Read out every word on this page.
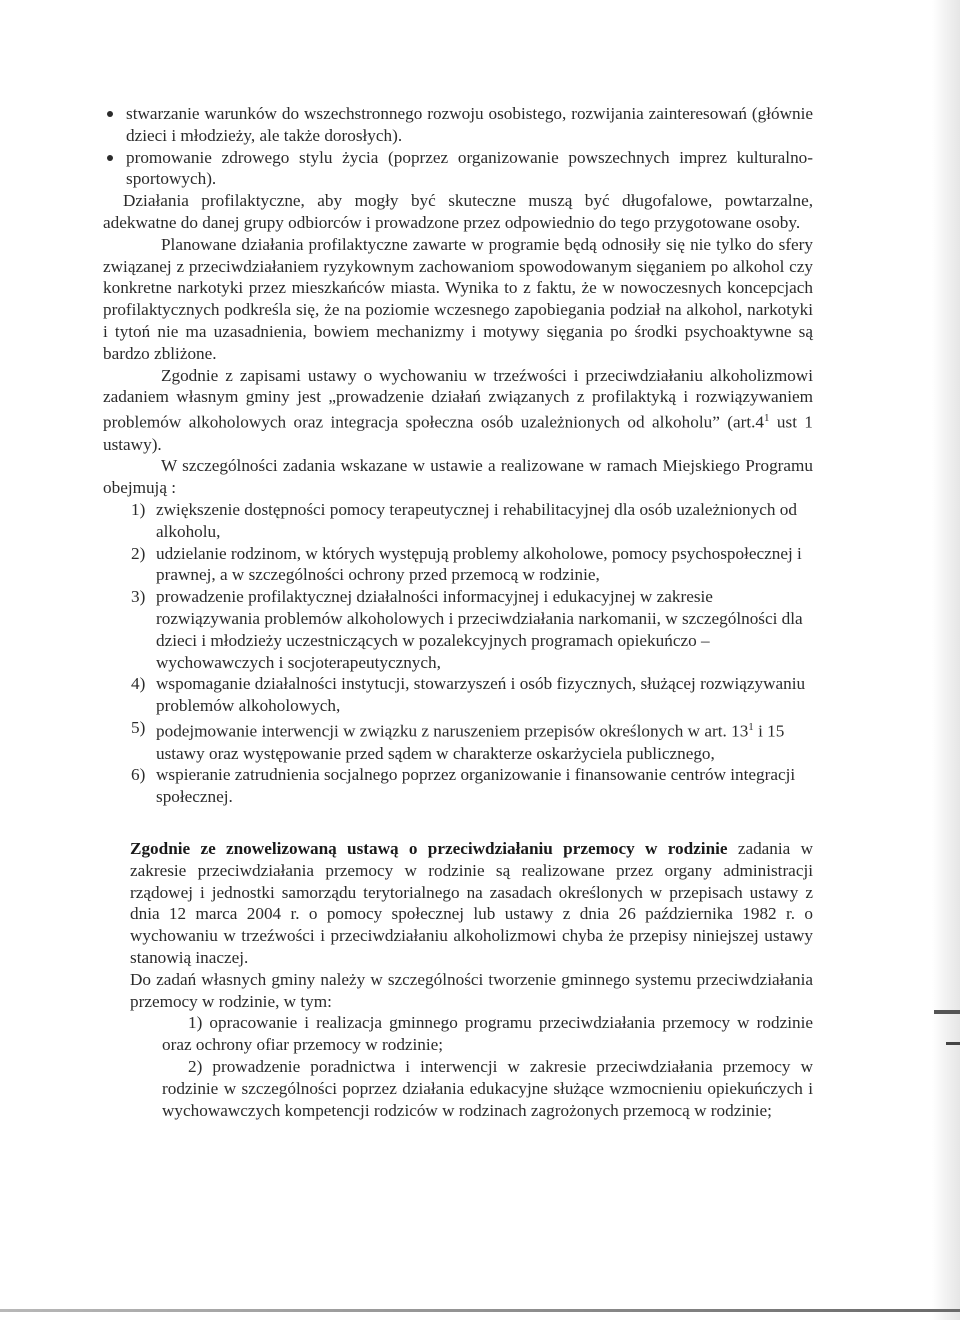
stwarzanie warunków do wszechstronnego rozwoju osobistego, rozwijania zainteresowań (głównie dzieci i młodzieży, ale także dorosłych).
promowanie zdrowego stylu życia (poprzez organizowanie powszechnych imprez kulturalno-sportowych).

Działania profilaktyczne, aby mogły być skuteczne muszą być długofalowe, powtarzalne, adekwatne do danej grupy odbiorców i prowadzone przez odpowiednio do tego przygotowane osoby.

Planowane działania profilaktyczne zawarte w programie będą odnosiły się nie tylko do sfery związanej z przeciwdziałaniem ryzykownym zachowaniom spowodowanym sięganiem po alkohol czy konkretne narkotyki przez mieszkańców miasta. Wynika to z faktu, że w nowoczesnych koncepcjach profilaktycznych podkreśla się, że na poziomie wczesnego zapobiegania podział na alkohol, narkotyki i tytoń nie ma uzasadnienia, bowiem mechanizmy i motywy sięgania po środki psychoaktywne są bardzo zbliżone.

Zgodnie z zapisami ustawy o wychowaniu w trzeźwości i przeciwdziałaniu alkoholizmowi zadaniem własnym gminy jest „prowadzenie działań związanych z profilaktyką i rozwiązywaniem problemów alkoholowych oraz integracja społeczna osób uzależnionych od alkoholu” ($art.4^1$ ust 1 ustawy).

W szczególności zadania wskazane w ustawie a realizowane w ramach Miejskiego Programu obejmują :

1) zwiększenie dostępności pomocy terapeutycznej i rehabilitacyjnej dla osób uzależnionych od alkoholu,
2) udzielanie rodzinom, w których występują problemy alkoholowe, pomocy psychospołecznej i prawnej, a w szczególności ochrony przed przemocą w rodzinie,
3) prowadzenie profilaktycznej działalności informacyjnej i edukacyjnej w zakresie rozwiązywania problemów alkoholowych i przeciwdziałania narkomanii, w szczególności dla dzieci i młodzieży uczestniczących w pozalekcyjnych programach opiekuńczo – wychowawczych i socjoterapeutycznych,
4) wspomaganie działalności instytucji, stowarzyszeń i osób fizycznych, służącej rozwiązywaniu problemów alkoholowych,
5) podejmowanie interwencji w związku z naruszeniem przepisów określonych w art. $13^1$ i 15 ustawy oraz występowanie przed sądem w charakterze oskarżyciela publicznego,
6) wspieranie zatrudnienia socjalnego poprzez organizowanie i finansowanie centrów integracji społecznej.

Zgodnie ze znowelizowaną ustawą o przeciwdziałaniu przemocy w rodzinie zadania w zakresie przeciwdziałania przemocy w rodzinie są realizowane przez organy administracji rządowej i jednostki samorządu terytorialnego na zasadach określonych w przepisach ustawy z dnia 12 marca 2004 r. o pomocy społecznej lub ustawy z dnia 26 października 1982 r. o wychowaniu w trzeźwości i przeciwdziałaniu alkoholizmowi chyba że przepisy niniejszej ustawy stanowią inaczej.

Do zadań własnych gminy należy w szczególności tworzenie gminnego systemu przeciwdziałania przemocy w rodzinie, w tym:

1) opracowanie i realizacja gminnego programu przeciwdziałania przemocy w rodzinie oraz ochrony ofiar przemocy w rodzinie;
2) prowadzenie poradnictwa i interwencji w zakresie przeciwdziałania przemocy w rodzinie w szczególności poprzez działania edukacyjne służące wzmocnieniu opiekuńczych i wychowawczych kompetencji rodziców w rodzinach zagrożonych przemocą w rodzinie;
